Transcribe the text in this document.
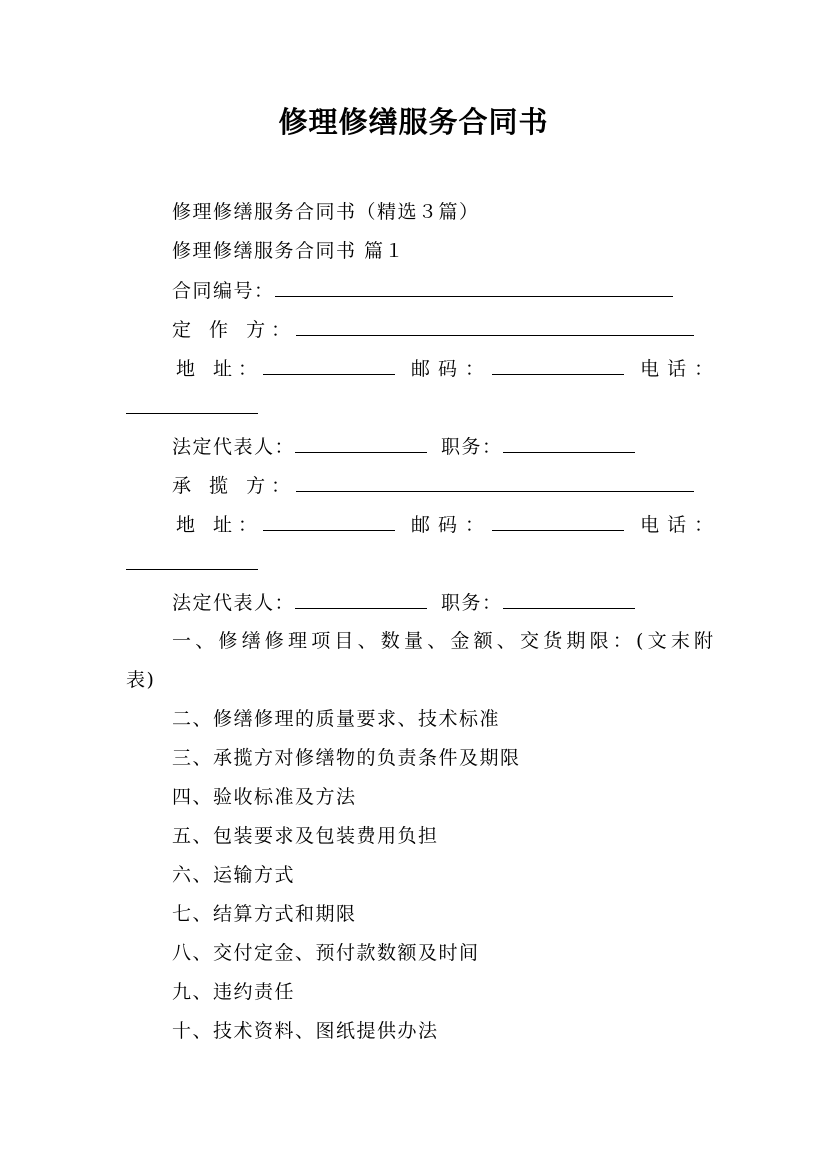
修理修缮服务合同书
修理修缮服务合同书（精选３篇）
修理修缮服务合同书 篇１
合同编号：
定 作 方：
地 址：	邮码：	电话：
法定代表人：	职务：
承 揽 方：
地 址：	邮码：	电话：
法定代表人：	职务：
一、修缮修理项目、数量、金额、交货期限：(文末附
表)
二、修缮修理的质量要求、技术标准
三、承揽方对修缮物的负责条件及期限
四、验收标准及方法
五、包装要求及包装费用负担
六、运输方式
七、结算方式和期限
八、交付定金、预付款数额及时间
九、违约责任
十、技术资料、图纸提供办法
